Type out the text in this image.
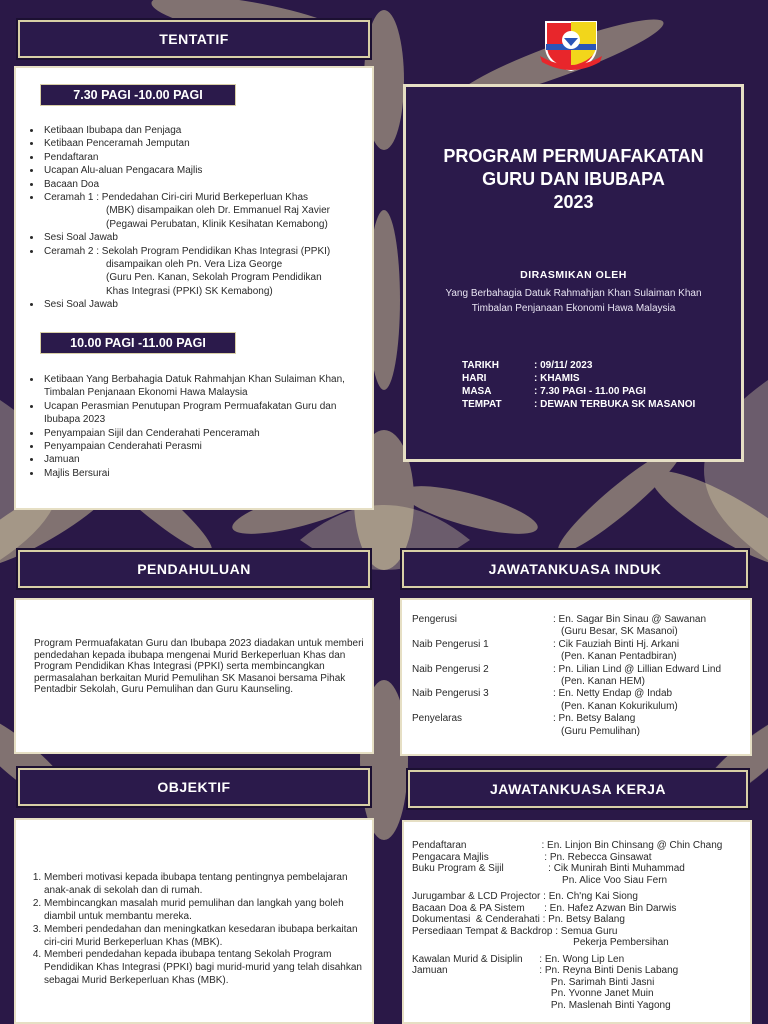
TENTATIF
7.30 PAGI -10.00 PAGI
• Ketibaan Ibubapa dan Penjaga
• Ketibaan Penceramah Jemputan
• Pendaftaran
• Ucapan Alu-aluan Pengacara Majlis
• Bacaan Doa
• Ceramah 1 : Pendedahan Ciri-ciri Murid Berkeperluan Khas
(MBK) disampaikan oleh Dr. Emmanuel Raj Xavier
(Pegawai Perubatan, Klinik Kesihatan Kemabong)
• Sesi Soal Jawab
• Ceramah 2 : Sekolah Program Pendidikan Khas Integrasi (PPKI)
disampaikan oleh Pn. Vera Liza George
(Guru Pen. Kanan, Sekolah Program Pendidikan
Khas Integrasi (PPKI) SK Kemabong)
• Sesi Soal Jawab
10.00 PAGI -11.00 PAGI
• Ketibaan Yang Berbahagia Datuk Rahmahjan Khan Sulaiman Khan, Timbalan Penjanaan Ekonomi Hawa Malaysia
• Ucapan Perasmian Penutupan Program Permuafakatan Guru dan Ibubapa 2023
• Penyampaian Sijil dan Cenderahati Penceramah
• Penyampaian Cenderahati Perasmi
• Jamuan
• Majlis Bersurai
PROGRAM PERMUAFAKATAN
GURU DAN IBUBAPA
2023
DIRASMIKAN OLEH
Yang Berbahagia Datuk Rahmahjan Khan Sulaiman Khan
Timbalan Penjanaan Ekonomi Hawa Malaysia
TARIKH	: 09/11/ 2023
HARI	: KHAMIS
MASA	: 7.30 PAGI - 11.00 PAGI
TEMPAT	: DEWAN TERBUKA SK MASANOI
PENDAHULUAN
Program Permuafakatan Guru dan Ibubapa 2023 diadakan untuk memberi pendedahan kepada ibubapa mengenai Murid Berkeperluan Khas dan Program Pendidikan Khas Integrasi (PPKI) serta membincangkan permasalahan berkaitan Murid Pemulihan SK Masanoi bersama Pihak Pentadbir Sekolah, Guru Pemulihan dan Guru Kaunseling.
OBJEKTIF
1. Memberi motivasi kepada ibubapa tentang pentingnya pembelajaran anak-anak di sekolah dan di rumah.
2. Membincangkan masalah murid pemulihan dan langkah yang boleh diambil untuk membantu mereka.
3. Memberi pendedahan dan meningkatkan kesedaran ibubapa berkaitan ciri-ciri Murid Berkeperluan Khas (MBK).
4. Memberi pendedahan kepada ibubapa tentang Sekolah Program Pendidikan Khas Integrasi (PPKI) bagi murid-murid yang telah disahkan sebagai Murid Berkeperluan Khas (MBK).
JAWATANKUASA INDUK
Pengerusi	: En. Sagar Bin Sinau @ Sawanan
(Guru Besar, SK Masanoi)
Naib Pengerusi 1	: Cik Fauziah Binti Hj. Arkani
(Pen. Kanan Pentadbiran)
Naib Pengerusi 2	: Pn. Lilian Lind @ Lillian Edward Lind
(Pen. Kanan HEM)
Naib Pengerusi 3	: En. Netty Endap @ Indab
(Pen. Kanan Kokurikulum)
Penyelaras	: Pn. Betsy Balang
(Guru Pemulihan)
JAWATANKUASA KERJA
Pendaftaran                           : En. Linjon Bin Chinsang @ Chin Chang
Pengacara Majlis                    : Pn. Rebecca Ginsawat
Buku Program & Sijil                : Cik Munirah Binti Muhammad
Pn. Alice Voo Siau Fern
Jurugambar & LCD Projector : En. Ch'ng Kai Siong
Bacaan Doa & PA Sistem       : En. Hafez Azwan Bin Darwis
Dokumentasi  & Cenderahati : Pn. Betsy Balang
Persediaan Tempat & Backdrop : Semua Guru
Pekerja Pembersihan
Kawalan Murid & Disiplin      : En. Wong Lip Len
Jamuan                                 : Pn. Reyna Binti Denis Labang
Pn. Sarimah Binti Jasni
Pn. Yvonne Janet Muin
Pn. Maslenah Binti Yagong
